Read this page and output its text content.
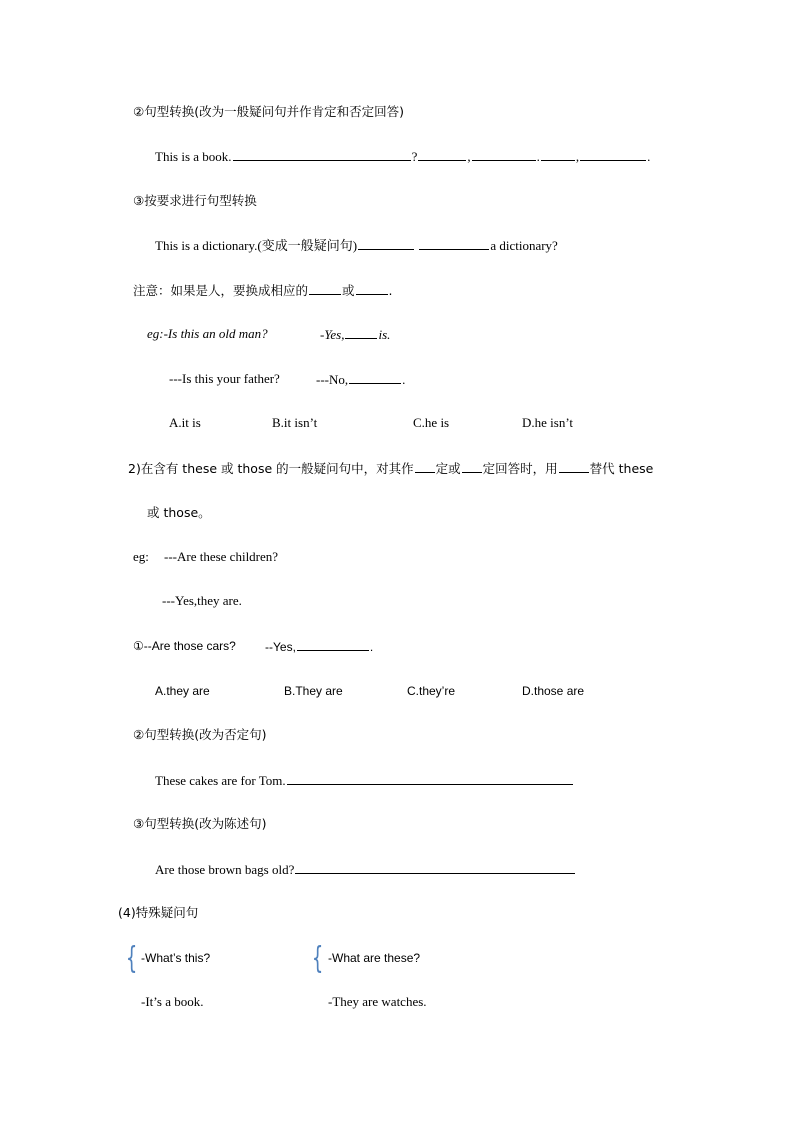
②句型转换(改为一般疑问句并作肯定和否定回答)
This is a book.	?	,	.	,	.
③按要求进行句型转换
This is a dictionary.(变成一般疑问句)	a dictionary?
注意：如果是人，要换成相应的	或	.
eg:-Is this an old man?	-Yes,	is.
---Is this your father?	---No,	.
A.it is	B.it isn’t	C.he is	D.he isn’t
2)在含有 these 或 those 的一般疑问句中，对其作 定或 定回答时，用	替代 these
或 those。
eg: ---Are these children?
---Yes,they are.
①--Are those cars? --Yes,	.
A.they are	B.They are	C.they’re	D.those are
②句型转换(改为否定句)
These cakes are for Tom.
③句型转换(改为陈述句)
Are those brown bags old?
(4)特殊疑问句
{ -What’s this?
-It’s a book.
{ -What are these?
-They are watches.
